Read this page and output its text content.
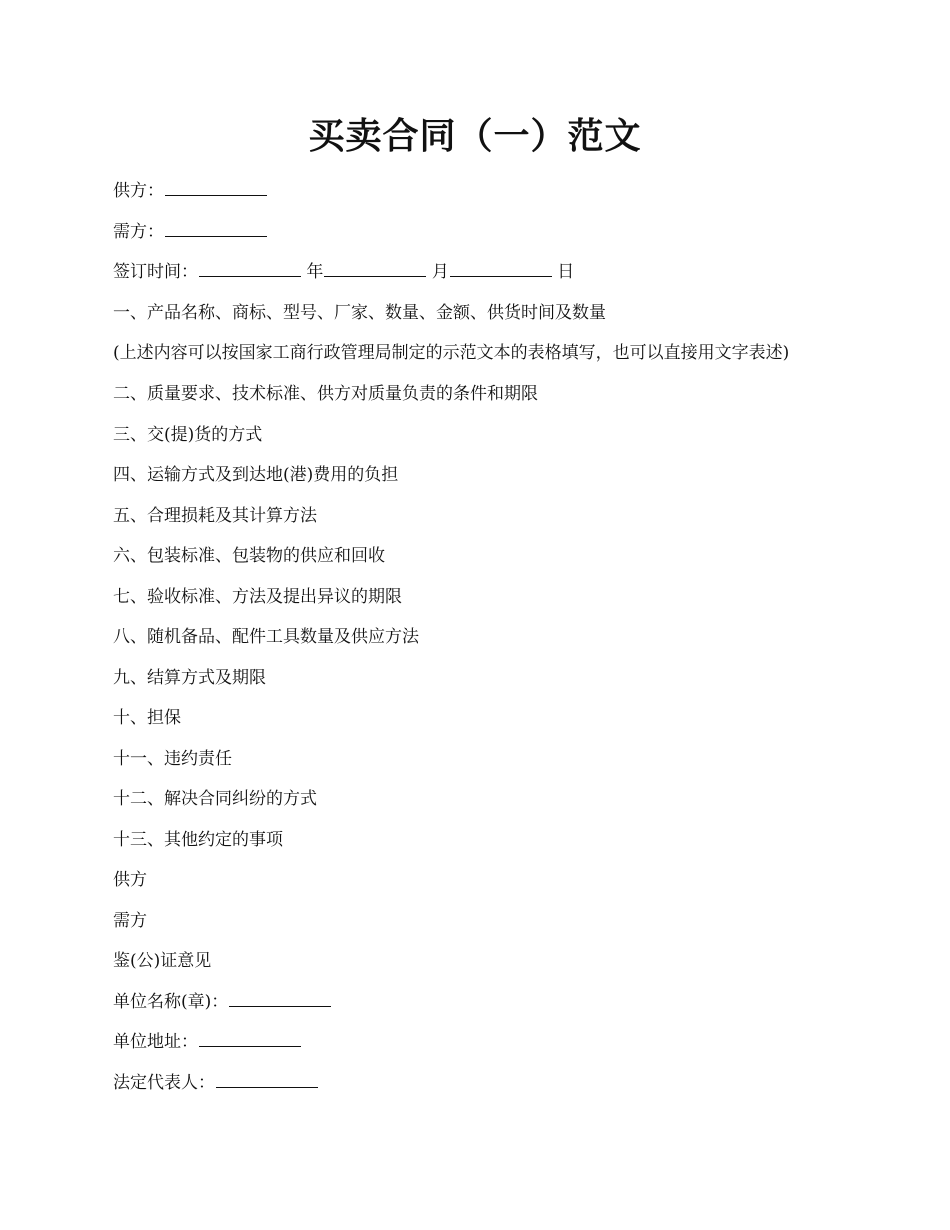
买卖合同（一）范文
供方：
需方：
签订时间：	年	月	日
一、产品名称、商标、型号、厂家、数量、金额、供货时间及数量
(上述内容可以按国家工商行政管理局制定的示范文本的表格填写，也可以直接用文字表述)
二、质量要求、技术标准、供方对质量负责的条件和期限
三、交(提)货的方式
四、运输方式及到达地(港)费用的负担
五、合理损耗及其计算方法
六、包装标准、包装物的供应和回收
七、验收标准、方法及提出异议的期限
八、随机备品、配件工具数量及供应方法
九、结算方式及期限
十、担保
十一、违约责任
十二、解决合同纠纷的方式
十三、其他约定的事项
供方
需方
鉴(公)证意见
单位名称(章)：
单位地址：
法定代表人：
